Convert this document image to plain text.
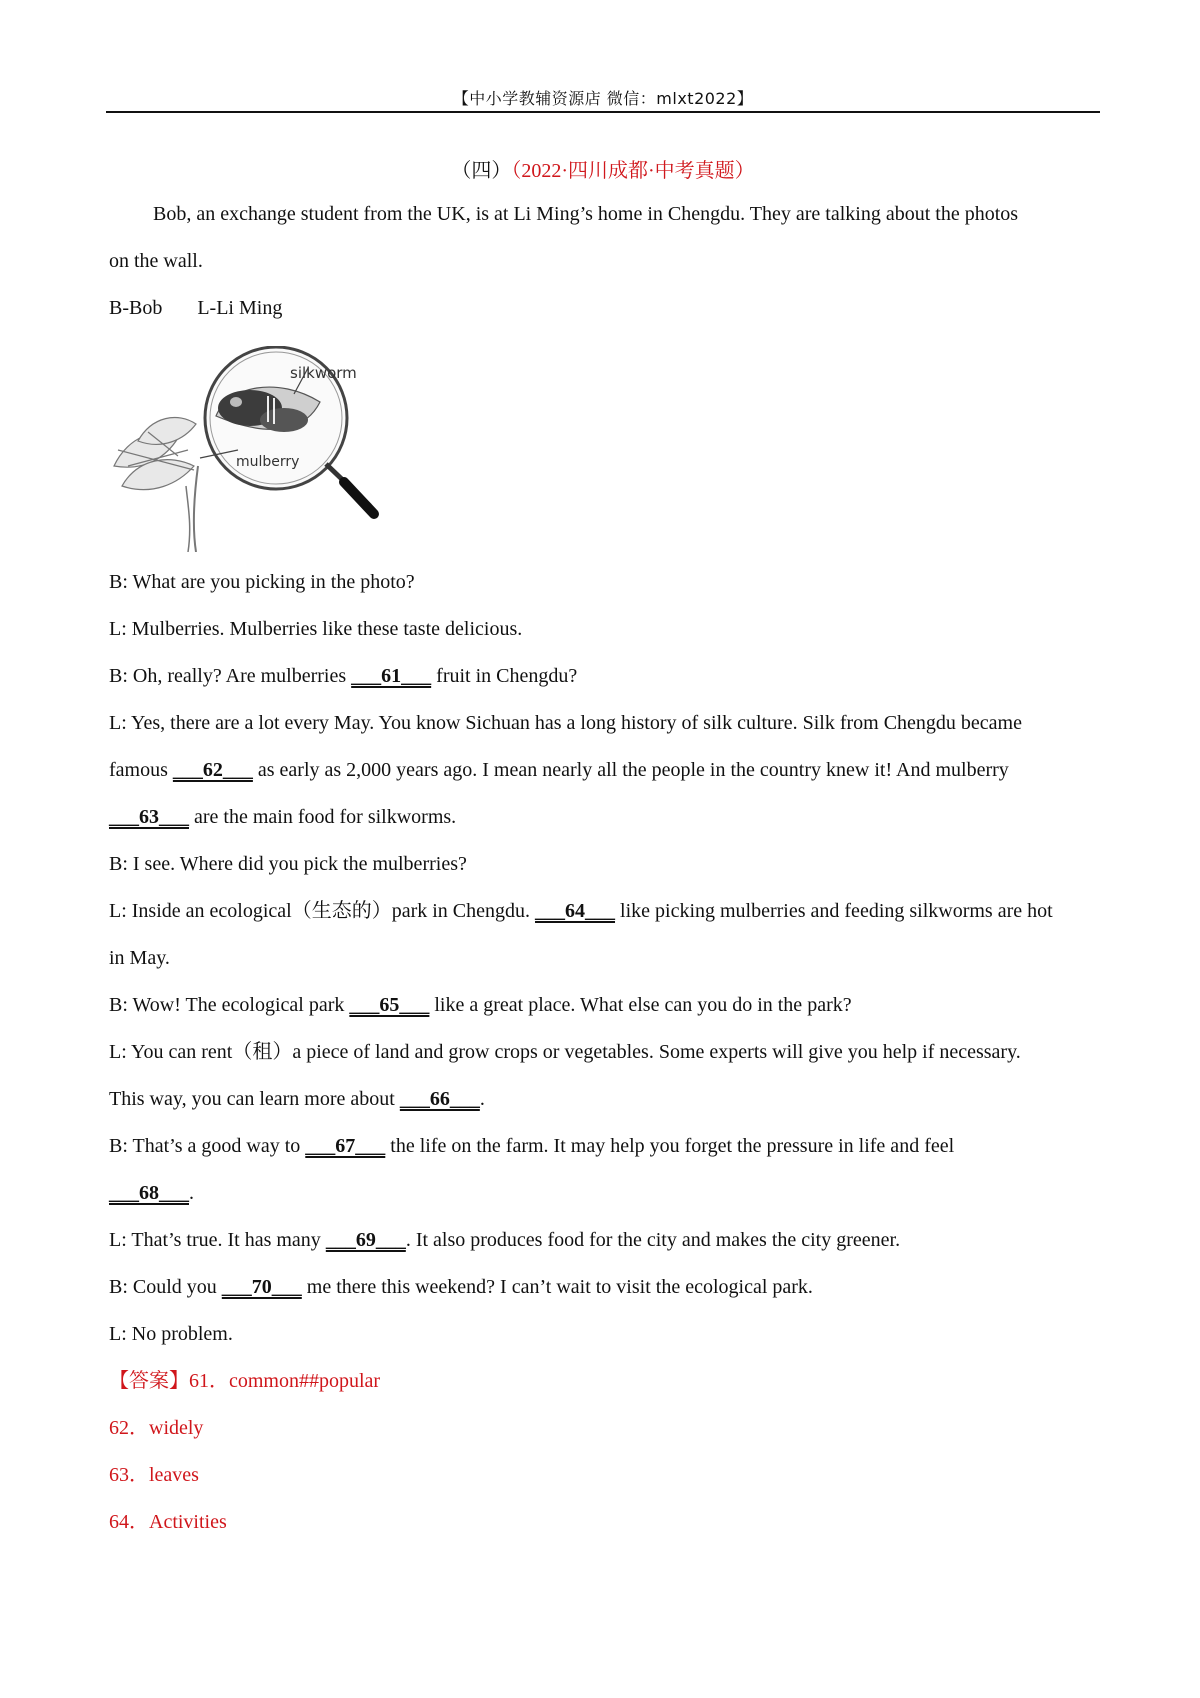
【中小学教辅资源店 微信：mlxt2022】
（四）（2022·四川成都·中考真题）
Bob, an exchange student from the UK, is at Li Ming’s home in Chengdu. They are talking about the photos
on the wall.
B-Bob       L-Li Ming
silkworm
mulberry
B: What are you picking in the photo?
L: Mulberries. Mulberries like these taste delicious.
B: Oh, really? Are mulberries ___61___ fruit in Chengdu?
L: Yes, there are a lot every May. You know Sichuan has a long history of silk culture. Silk from Chengdu became
famous ___62___ as early as 2,000 years ago. I mean nearly all the people in the country knew it! And mulberry
___63___ are the main food for silkworms.
B: I see. Where did you pick the mulberries?
L: Inside an ecological（生态的）park in Chengdu. ___64___ like picking mulberries and feeding silkworms are hot
in May.
B: Wow! The ecological park ___65___ like a great place. What else can you do in the park?
L: You can rent（租）a piece of land and grow crops or vegetables. Some experts will give you help if necessary.
This way, you can learn more about ___66___.
B: That’s a good way to ___67___ the life on the farm. It may help you forget the pressure in life and feel
___68___.
L: That’s true. It has many ___69___. It also produces food for the city and makes the city greener.
B: Could you ___70___ me there this weekend? I can’t wait to visit the ecological park.
L: No problem.
【答案】61．common##popular
62．widely
63．leaves
64．Activities
